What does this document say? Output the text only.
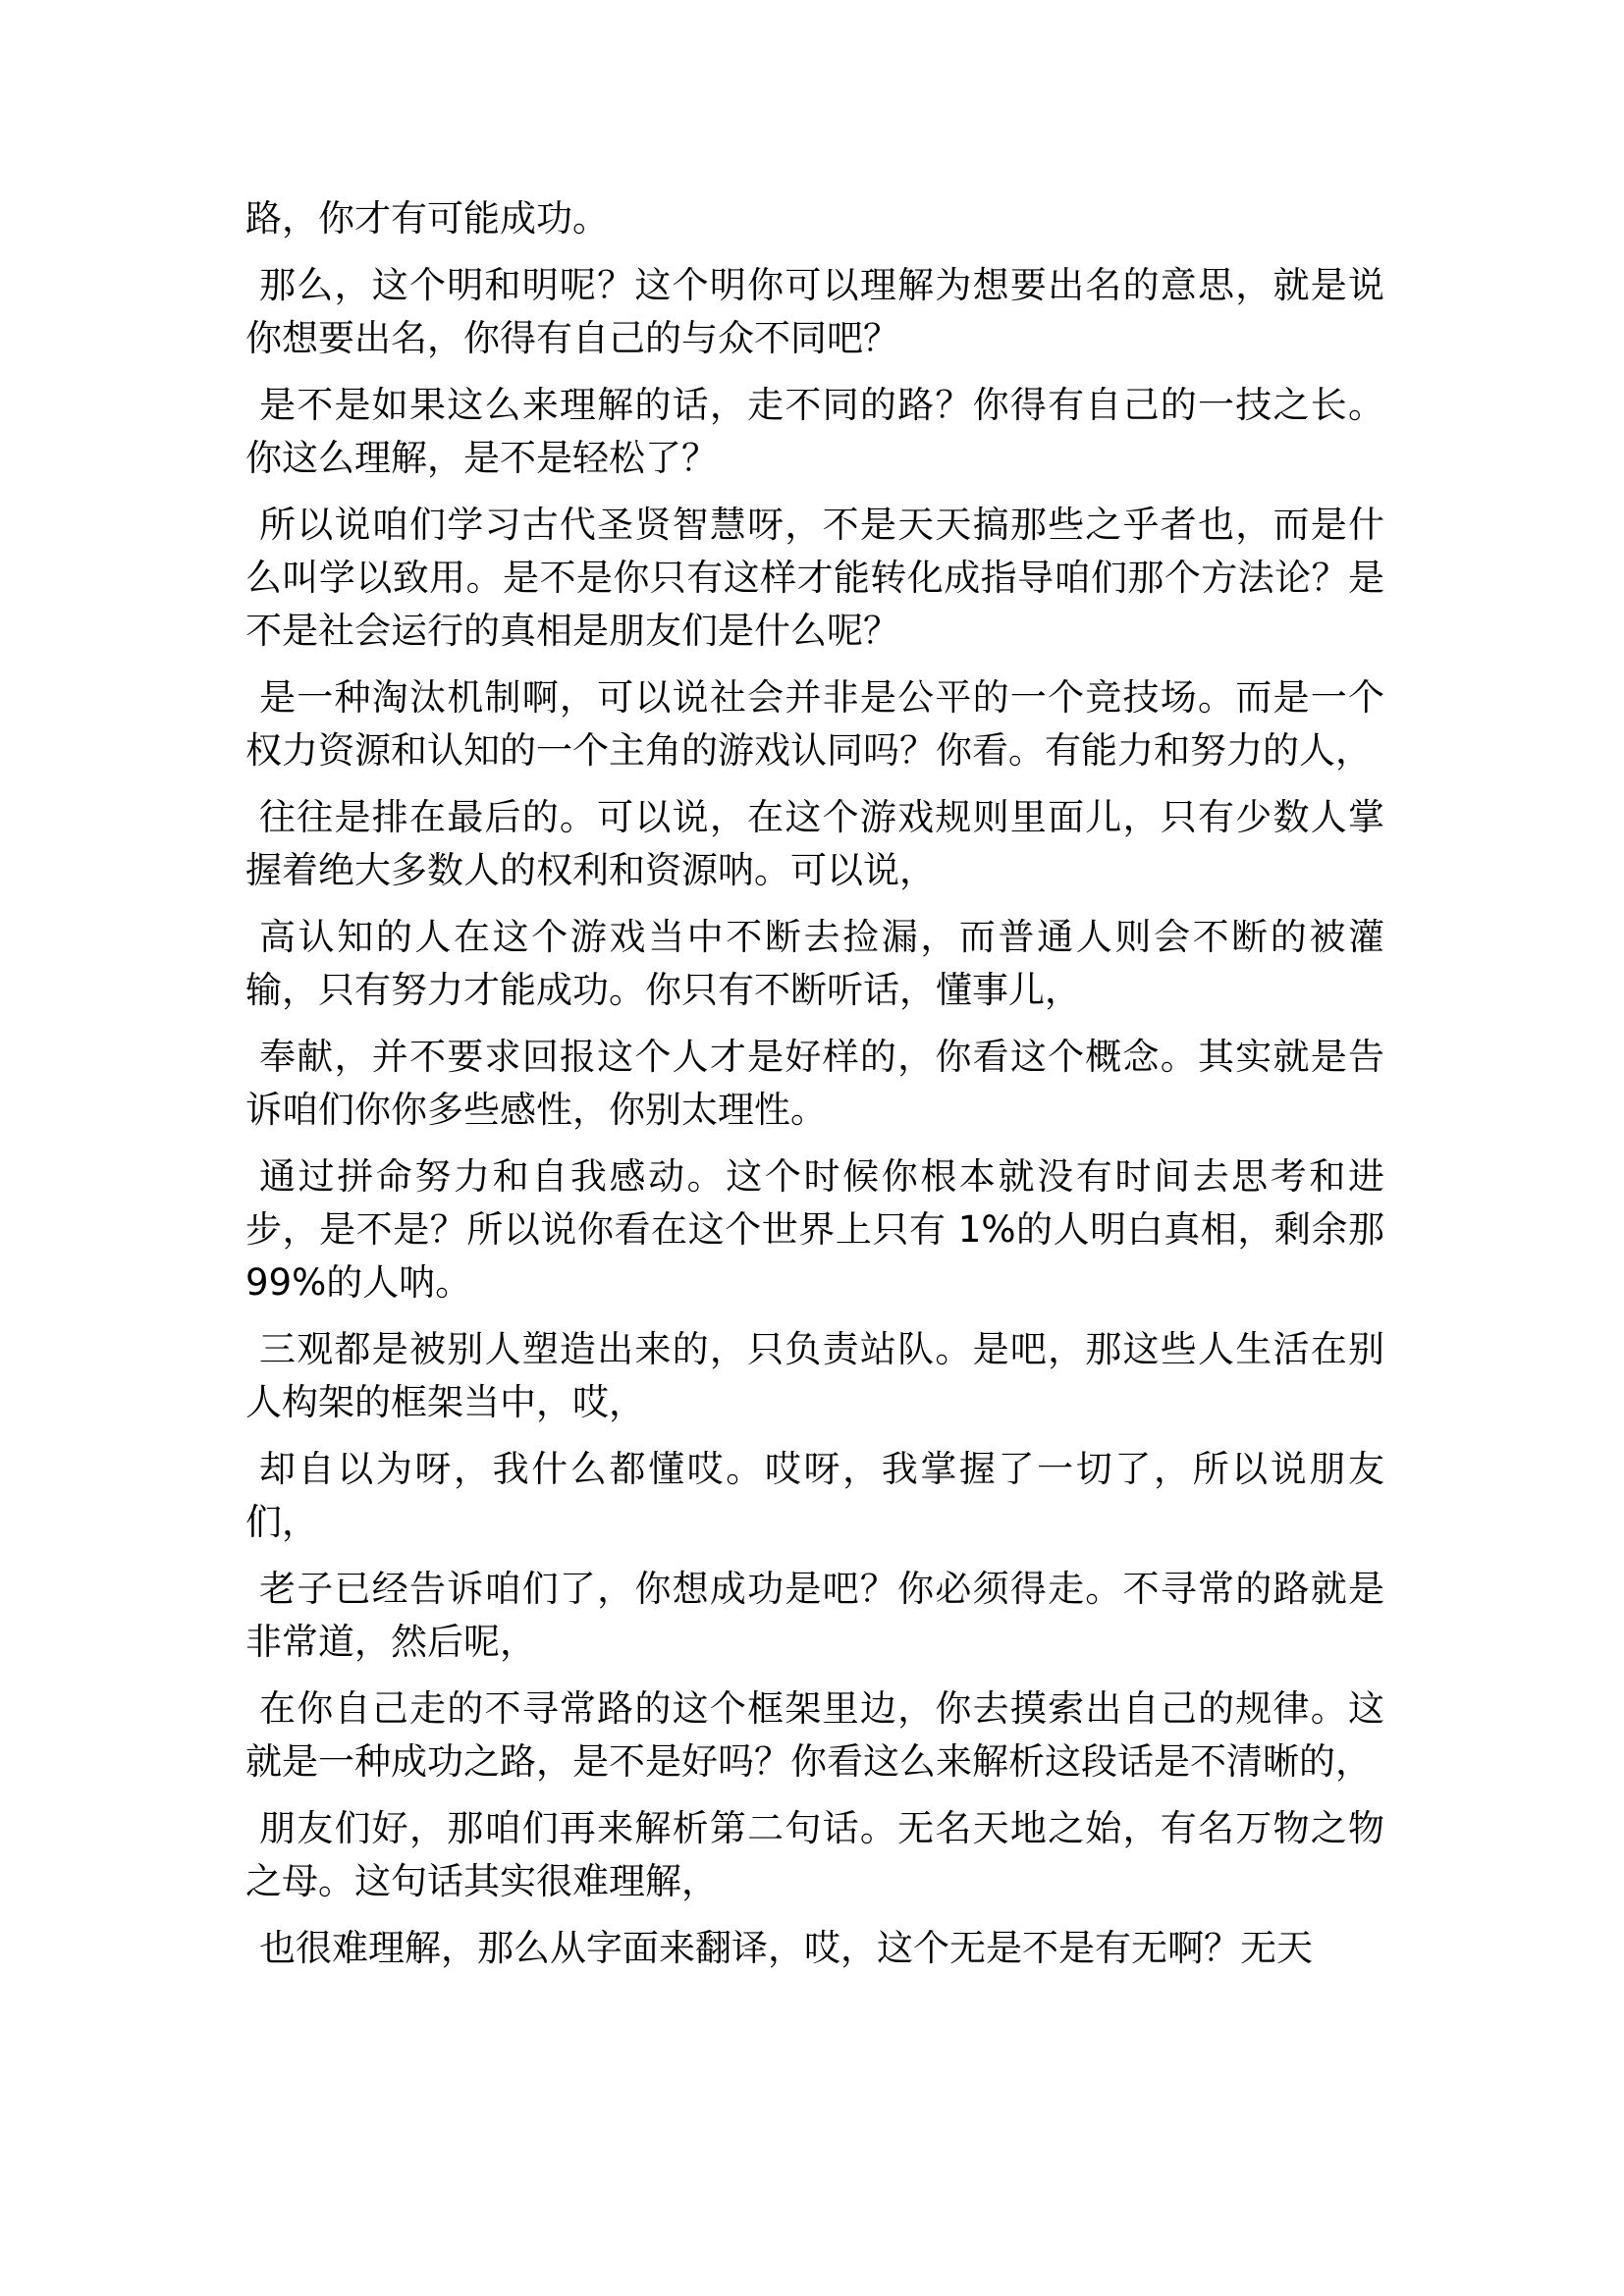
路，你才有可能成功。

那么，这个明和明呢？这个明你可以理解为想要出名的意思，就是说你想要出名，你得有自己的与众不同吧？

是不是如果这么来理解的话，走不同的路？你得有自己的一技之长。你这么理解，是不是轻松了？

所以说咱们学习古代圣贤智慧呀，不是天天搞那些之乎者也，而是什么叫学以致用。是不是你只有这样才能转化成指导咱们那个方法论？是不是社会运行的真相是朋友们是什么呢？

是一种淘汰机制啊，可以说社会并非是公平的一个竞技场。而是一个权力资源和认知的一个主角的游戏认同吗？你看。有能力和努力的人，

往往是排在最后的。可以说，在这个游戏规则里面儿，只有少数人掌握着绝大多数人的权利和资源呐。可以说，

高认知的人在这个游戏当中不断去捡漏，而普通人则会不断的被灌输，只有努力才能成功。你只有不断听话，懂事儿，

奉献，并不要求回报这个人才是好样的，你看这个概念。其实就是告诉咱们你你多些感性，你别太理性。

通过拼命努力和自我感动。这个时候你根本就没有时间去思考和进步，是不是？所以说你看在这个世界上只有 1%的人明白真相，剩余那 99%的人呐。

三观都是被别人塑造出来的，只负责站队。是吧，那这些人生活在别人构架的框架当中，哎，

却自以为呀，我什么都懂哎。哎呀，我掌握了一切了，所以说朋友们，

老子已经告诉咱们了，你想成功是吧？你必须得走。不寻常的路就是非常道，然后呢，

在你自己走的不寻常路的这个框架里边，你去摸索出自己的规律。这就是一种成功之路，是不是好吗？你看这么来解析这段话是不清晰的，

朋友们好，那咱们再来解析第二句话。无名天地之始，有名万物之物之母。这句话其实很难理解，

也很难理解，那么从字面来翻译，哎，这个无是不是有无啊？无天
